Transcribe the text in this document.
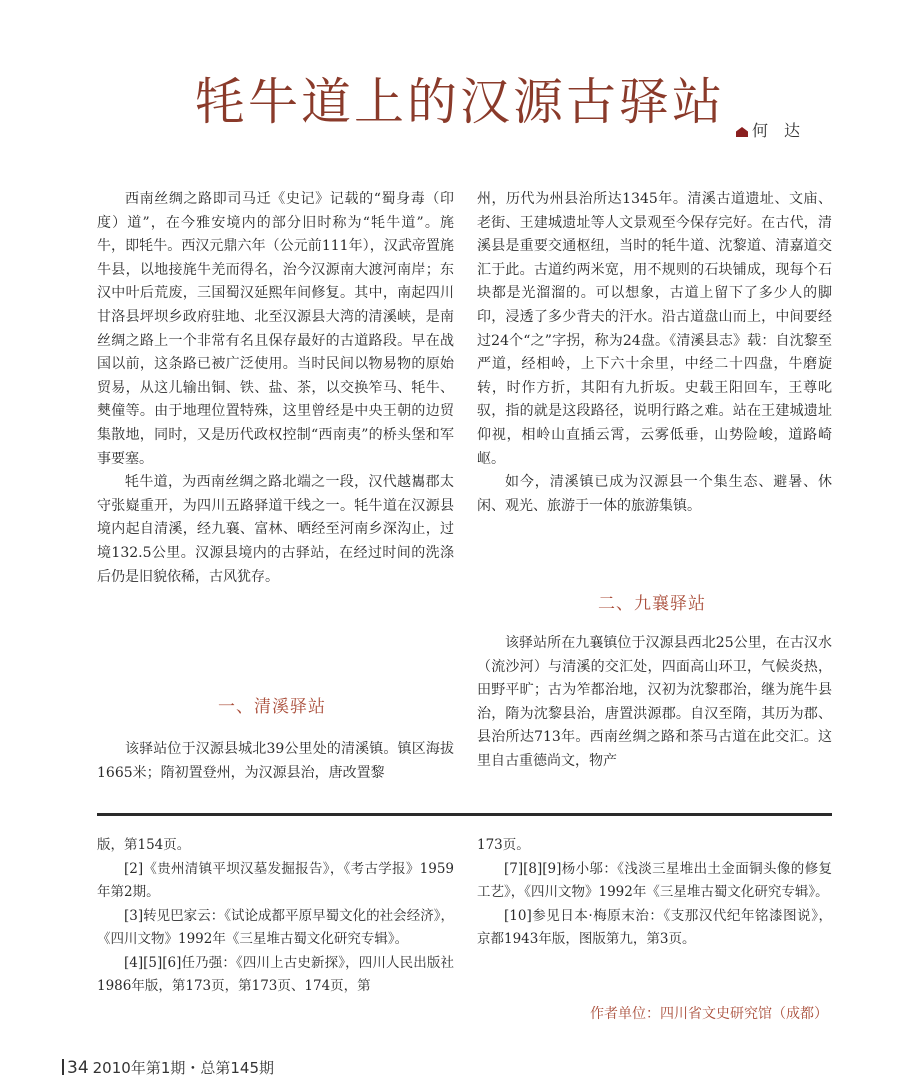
牦牛道上的汉源古驿站	何　达

西南丝绸之路即司马迁《史记》记载的“蜀身毒（印度）道”，在今雅安境内的部分旧时称为“牦牛道”。旄牛，即牦牛。西汉元鼎六年（公元前111年），汉武帝置旄牛县，以地接旄牛羌而得名，治今汉源南大渡河南岸；东汉中叶后荒废，三国蜀汉延熙年间修复。其中，南起四川甘洛县坪坝乡政府驻地、北至汉源县大湾的清溪峡，是南丝绸之路上一个非常有名且保存最好的古道路段。早在战国以前，这条路已被广泛使用。当时民间以物易物的原始贸易，从这儿输出铜、铁、盐、茶，以交换笮马、牦牛、僰僮等。由于地理位置特殊，这里曾经是中央王朝的边贸集散地，同时，又是历代政权控制“西南夷”的桥头堡和军事要塞。

牦牛道，为西南丝绸之路北端之一段，汉代越巂郡太守张嶷重开，为四川五路驿道干线之一。牦牛道在汉源县境内起自清溪，经九襄、富林、晒经至河南乡深沟止，过境132.5公里。汉源县境内的古驿站，在经过时间的洗涤后仍是旧貌依稀，古风犹存。

一、清溪驿站

该驿站位于汉源县城北39公里处的清溪镇。镇区海拔1665米；隋初置登州，为汉源县治，唐改置黎

州，历代为州县治所达1345年。清溪古道遗址、文庙、老街、王建城遗址等人文景观至今保存完好。在古代，清溪县是重要交通枢纽，当时的牦牛道、沈黎道、清嘉道交汇于此。古道约两米宽，用不规则的石块铺成，现每个石块都是光溜溜的。可以想象，古道上留下了多少人的脚印，浸透了多少背夫的汗水。沿古道盘山而上，中间要经过24个“之”字拐，称为24盘。《清溪县志》载：自沈黎至严道，经相岭，上下六十余里，中经二十四盘，牛磨旋转，时作方折，其阳有九折坂。史载王阳回车，王尊叱驭，指的就是这段路径，说明行路之难。站在王建城遗址仰视，相岭山直插云霄，云雾低垂，山势险峻，道路崎岖。

如今，清溪镇已成为汉源县一个集生态、避暑、休闲、观光、旅游于一体的旅游集镇。

二、九襄驿站

该驿站所在九襄镇位于汉源县西北25公里，在古汉水（流沙河）与清溪的交汇处，四面高山环卫，气候炎热，田野平旷；古为笮都治地，汉初为沈黎郡治，继为旄牛县治，隋为沈黎县治，唐置洪源郡。自汉至隋，其历为郡、县治所达713年。西南丝绸之路和茶马古道在此交汇。这里自古重德尚文，物产

版，第154页。

[2]《贵州清镇平坝汉墓发掘报告》，《考古学报》1959年第2期。

[3]转见巴家云：《试论成都平原早蜀文化的社会经济》，《四川文物》1992年《三星堆古蜀文化研究专辑》。

[4][5][6]任乃强：《四川上古史新探》，四川人民出版社1986年版，第173页，第173页、174页，第

173页。

[7][8][9]杨小邬：《浅淡三星堆出土金面铜头像的修复工艺》，《四川文物》1992年《三星堆古蜀文化研究专辑》。

[10]参见日本·梅原末治：《支那汉代纪年铭漆图说》，京都1943年版，图版第九，第3页。

作者单位：四川省文史研究馆（成都）
34 2010年第1期・总第145期
